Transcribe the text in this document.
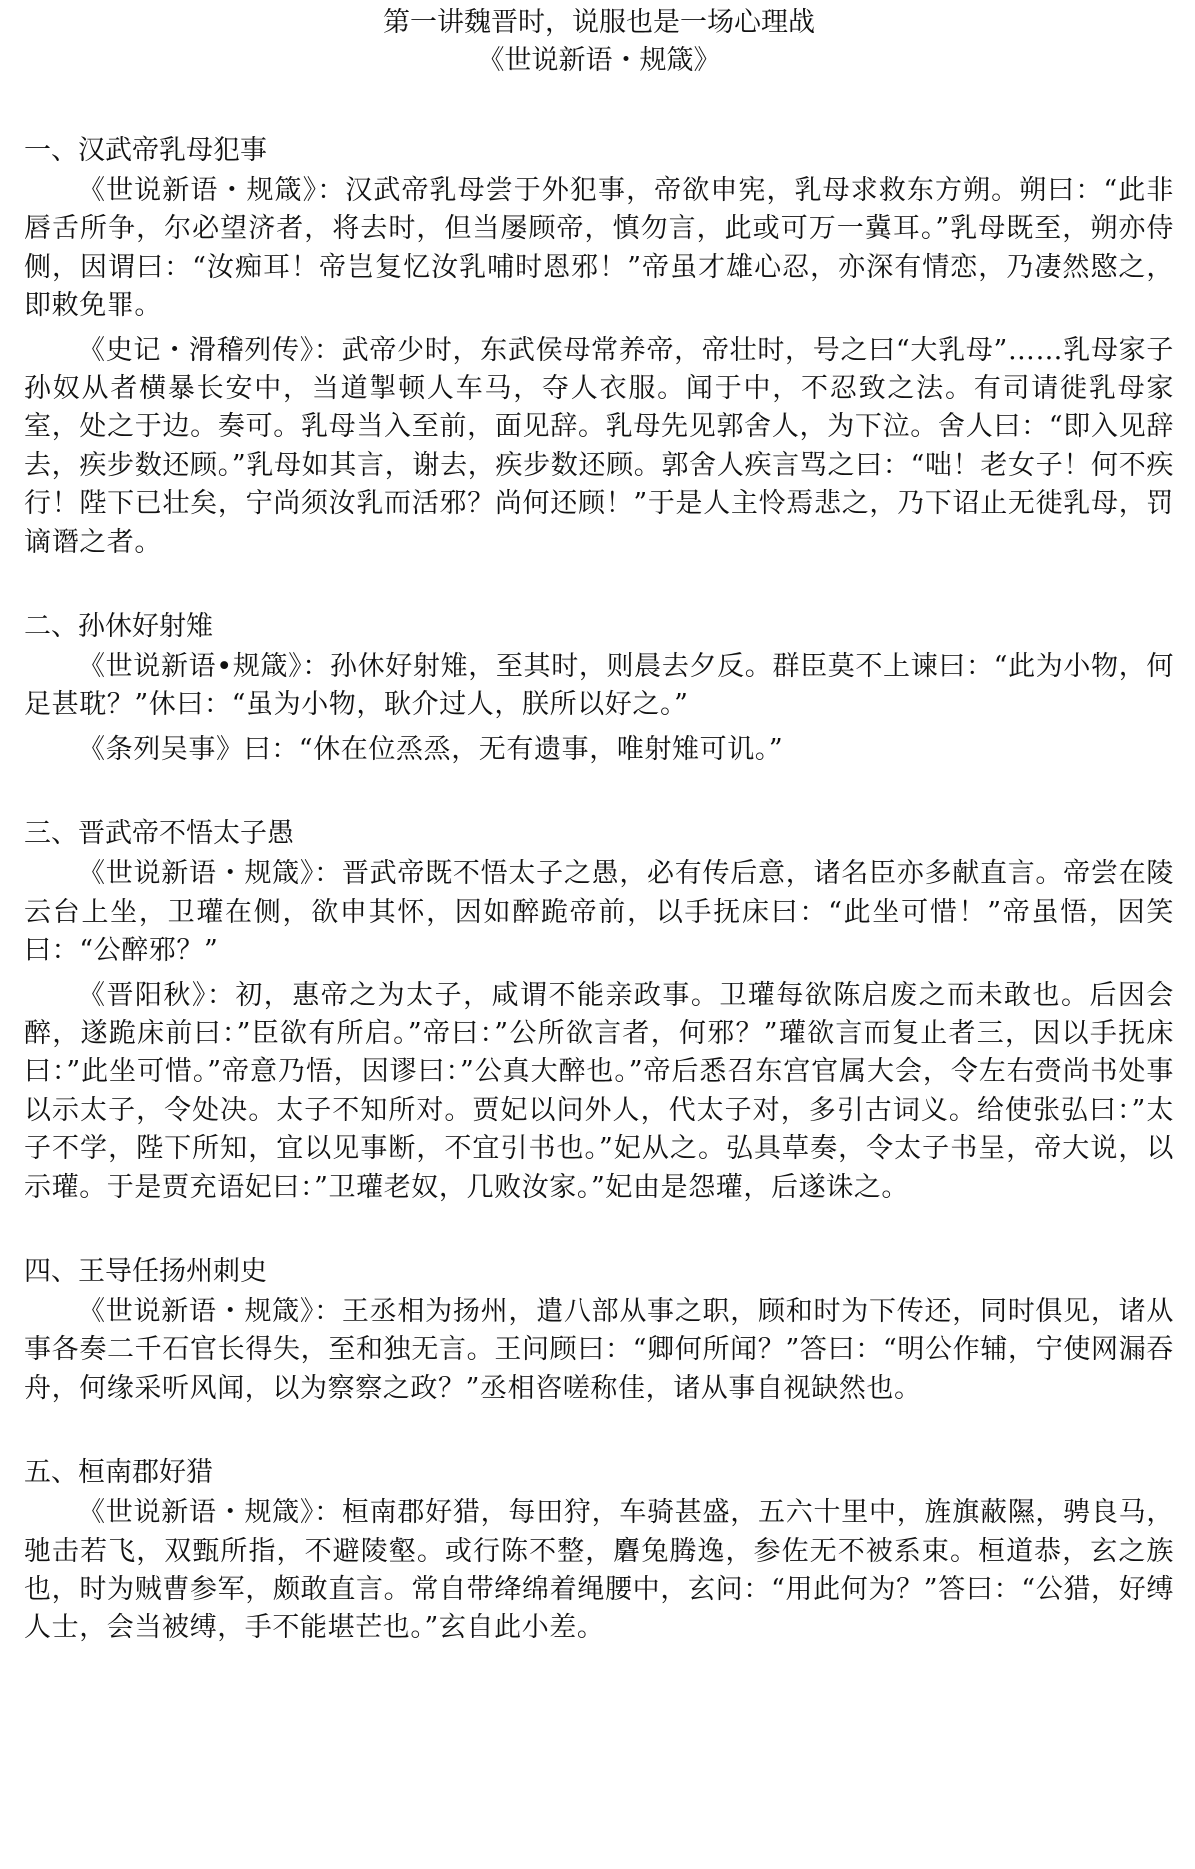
第一讲魏晋时，说服也是一场心理战

《世说新语・规箴》

一、汉武帝乳母犯事

《世说新语・规箴》：汉武帝乳母尝于外犯事，帝欲申宪，乳母求救东方朔。朔曰：“此非唇舌所争，尔必望济者，将去时，但当屡顾帝，慎勿言，此或可万一冀耳。”乳母既至，朔亦侍侧，因谓曰：“汝痴耳！帝岂复忆汝乳哺时恩邪！”帝虽才雄心忍，亦深有情恋，乃凄然愍之，即敕免罪。

《史记・滑稽列传》：武帝少时，东武侯母常养帝，帝壮时，号之曰“大乳母”……乳母家子孙奴从者横暴长安中，当道掣顿人车马，夺人衣服。闻于中，不忍致之法。有司请徙乳母家室，处之于边。奏可。乳母当入至前，面见辞。乳母先见郭舍人，为下泣。舍人曰：“即入见辞去，疾步数还顾。”乳母如其言，谢去，疾步数还顾。郭舍人疾言骂之曰：“咄！老女子！何不疾行！陛下已壮矣，宁尚须汝乳而活邪？尚何还顾！”于是人主怜焉悲之，乃下诏止无徙乳母，罚谪谮之者。

二、孙休好射雉

《世说新语•规箴》：孙休好射雉，至其时，则晨去夕反。群臣莫不上谏曰：“此为小物，何足甚耽？”休曰：“虽为小物，耿介过人，朕所以好之。”

《条列吴事》曰：“休在位烝烝，无有遗事，唯射雉可讥。”

三、晋武帝不悟太子愚

《世说新语・规箴》：晋武帝既不悟太子之愚，必有传后意，诸名臣亦多献直言。帝尝在陵云台上坐，卫瓘在侧，欲申其怀，因如醉跪帝前，以手抚床曰：“此坐可惜！”帝虽悟，因笑曰：“公醉邪？”

《晋阳秋》：初，惠帝之为太子，咸谓不能亲政事。卫瓘每欲陈启废之而未敢也。后因会醉，遂跪床前曰：”臣欲有所启。”帝曰：”公所欲言者，何邪？”瓘欲言而复止者三，因以手抚床曰：”此坐可惜。”帝意乃悟，因谬曰：”公真大醉也。”帝后悉召东宫官属大会，令左右赍尚书处事以示太子，令处决。太子不知所对。贾妃以问外人，代太子对，多引古词义。给使张弘曰：”太子不学，陛下所知，宜以见事断，不宜引书也。”妃从之。弘具草奏，令太子书呈，帝大说，以示瓘。于是贾充语妃曰：”卫瓘老奴，几败汝家。”妃由是怨瓘，后遂诛之。

四、王导任扬州刺史

《世说新语・规箴》：王丞相为扬州，遣八部从事之职，顾和时为下传还，同时俱见，诸从事各奏二千石官长得失，至和独无言。王问顾曰：“卿何所闻？”答曰：“明公作辅，宁使网漏吞舟，何缘采听风闻，以为察察之政？”丞相咨嗟称佳，诸从事自视缺然也。

五、桓南郡好猎

《世说新语・规箴》：桓南郡好猎，每田狩，车骑甚盛，五六十里中，旌旗蔽隰，骋良马，驰击若飞，双甄所指，不避陵壑。或行陈不整，麏兔腾逸，参佐无不被系束。桓道恭，玄之族也，时为贼曹参军，颇敢直言。常自带绛绵着绳腰中，玄问：“用此何为？”答曰：“公猎，好缚人士，会当被缚，手不能堪芒也。”玄自此小差。
